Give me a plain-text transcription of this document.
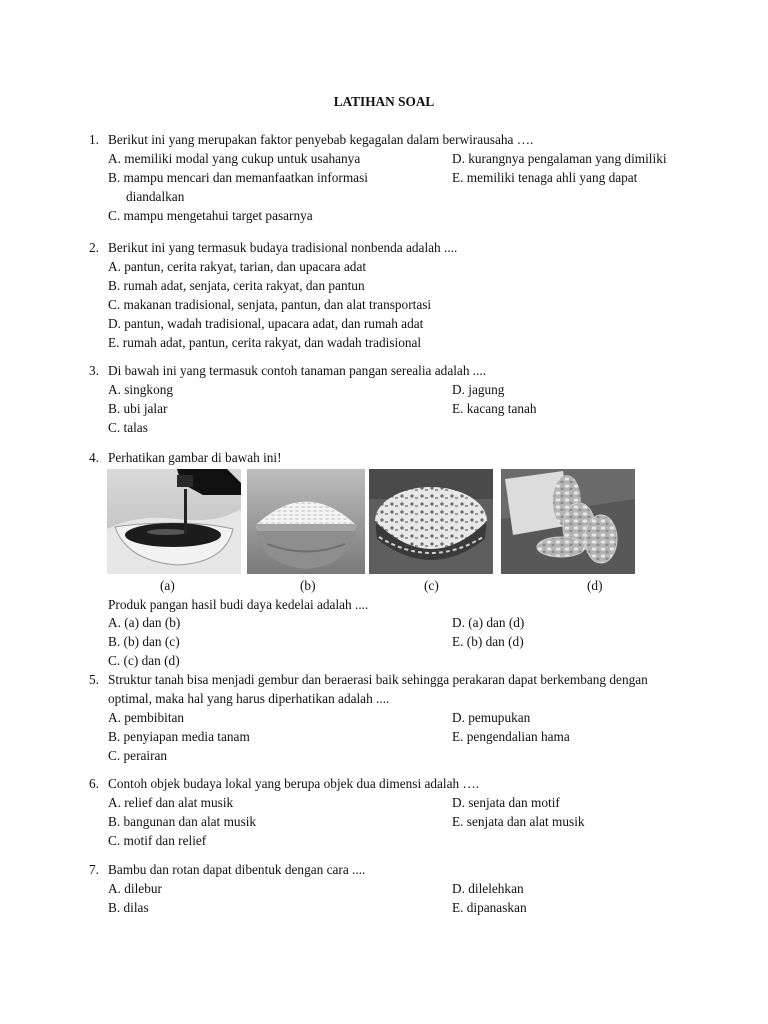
LATIHAN SOAL
1. Berikut ini yang merupakan faktor penyebab kegagalan dalam berwirausaha ….
A. memiliki modal yang cukup untuk usahanya
B. mampu mencari dan memanfaatkan informasi
diandalkan
C. mampu mengetahui target pasarnya
D. kurangnya pengalaman yang dimiliki
E. memiliki tenaga ahli yang dapat
2. Berikut ini yang termasuk budaya tradisional nonbenda adalah ....
A. pantun, cerita rakyat, tarian, dan upacara adat
B. rumah adat, senjata, cerita rakyat, dan pantun
C. makanan tradisional, senjata, pantun, dan alat transportasi
D. pantun, wadah tradisional, upacara adat, dan rumah adat
E. rumah adat, pantun, cerita rakyat, dan wadah tradisional
3. Di bawah ini yang termasuk contoh tanaman pangan serealia adalah ....
A. singkong
B. ubi jalar
C. talas
D. jagung
E. kacang tanah
4. Perhatikan gambar di bawah ini!
(a)	(b)	(c)	(d)
Produk pangan hasil budi daya kedelai adalah ....
A. (a) dan (b)
B. (b) dan (c)
C. (c) dan (d)
D. (a) dan (d)
E. (b) dan (d)
5. Struktur tanah bisa menjadi gembur dan beraerasi baik sehingga perakaran dapat berkembang dengan
optimal, maka hal yang harus diperhatikan adalah ....
A. pembibitan
B. penyiapan media tanam
C. perairan
D. pemupukan
E. pengendalian hama
6. Contoh objek budaya lokal yang berupa objek dua dimensi adalah ….
A. relief dan alat musik
B. bangunan dan alat musik
C. motif dan relief
D. senjata dan motif
E. senjata dan alat musik
7. Bambu dan rotan dapat dibentuk dengan cara ....
A. dilebur
B. dilas
D. dilelehkan
E. dipanaskan
